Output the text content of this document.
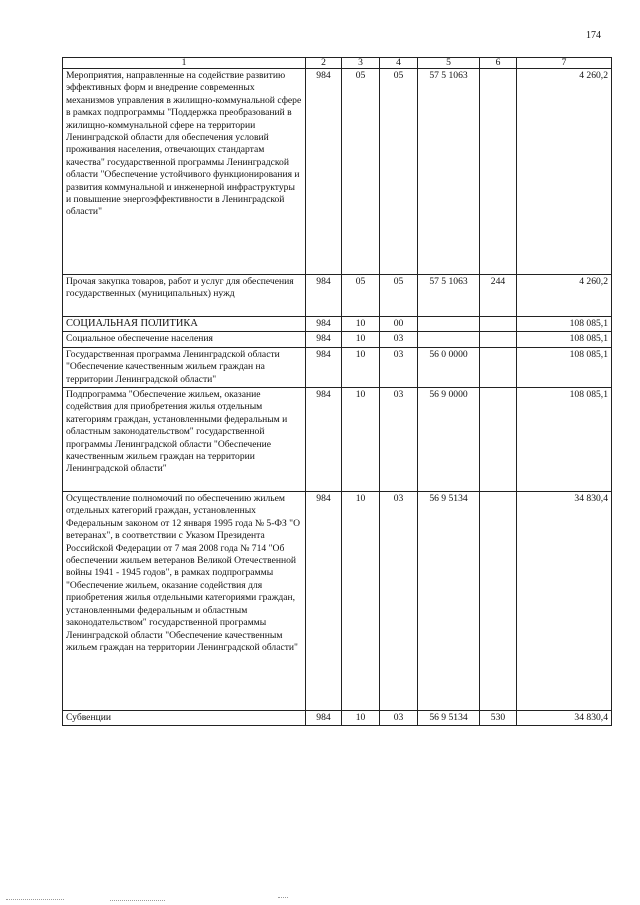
174
1	2	3	4	5	6	7
Мероприятия, направленные на содействие развитию эффективных форм и внедрение современных механизмов управления в жилищно-коммунальной сфере в рамках подпрограммы "Поддержка преобразований в жилищно-коммунальной сфере на территории Ленинградской области для обеспечения условий проживания населения, отвечающих стандартам качества" государственной программы Ленинградской области "Обеспечение устойчивого функционирования и развития коммунальной и инженерной инфраструктуры и повышение энергоэффективности в Ленинградской области"	984	05	05	57 5 1063		4 260,2
Прочая закупка товаров, работ и услуг для обеспечения государственных (муниципальных) нужд	984	05	05	57 5 1063	244	4 260,2
СОЦИАЛЬНАЯ ПОЛИТИКА	984	10	00			108 085,1
Социальное обеспечение населения	984	10	03			108 085,1
Государственная программа Ленинградской области "Обеспечение качественным жильем граждан на территории Ленинградской области"	984	10	03	56 0 0000		108 085,1
Подпрограмма "Обеспечение жильем, оказание содействия для приобретения жилья отдельным категориям граждан, установленными федеральным и областным законодательством" государственной программы Ленинградской области "Обеспечение качественным жильем граждан на территории Ленинградской области"	984	10	03	56 9 0000		108 085,1
Осуществление полномочий по обеспечению жильем отдельных категорий граждан, установленных Федеральным законом от 12 января 1995 года № 5-ФЗ "О ветеранах", в соответствии с Указом Президента Российской Федерации от 7 мая 2008 года № 714 "Об обеспечении жильем ветеранов Великой Отечественной войны 1941 - 1945 годов", в рамках подпрограммы "Обеспечение жильем, оказание содействия для приобретения жилья отдельными категориями граждан, установленными федеральным и областным законодательством" государственной программы Ленинградской области "Обеспечение качественным жильем граждан на территории Ленинградской области"	984	10	03	56 9 5134		34 830,4
Субвенции	984	10	03	56 9 5134	530	34 830,4
